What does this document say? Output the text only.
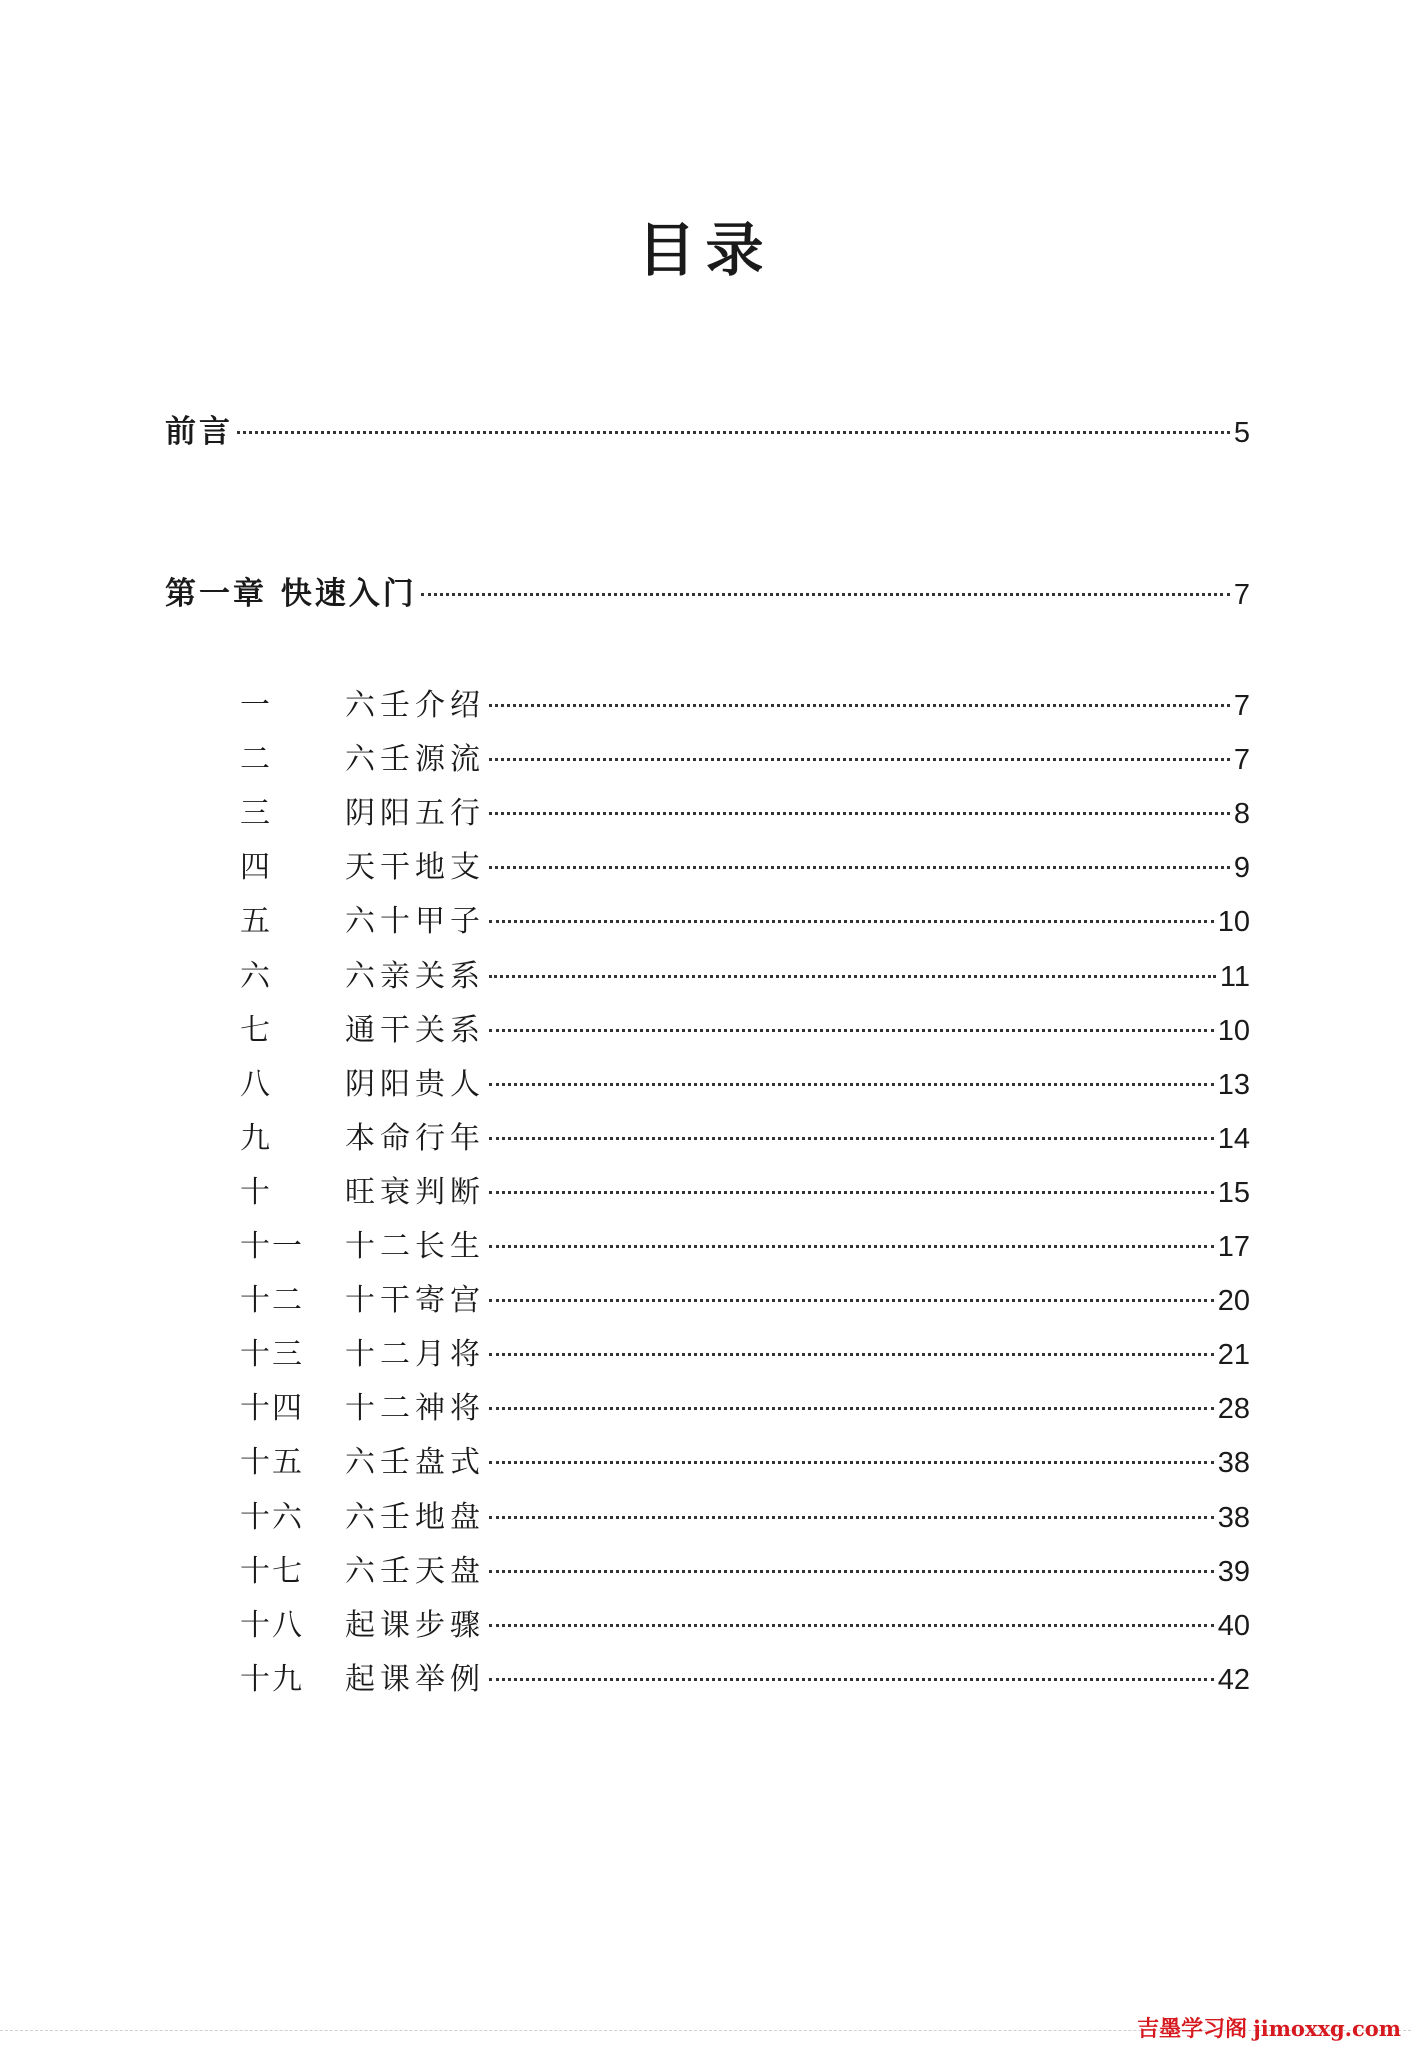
目录
前言	5
第一章 快速入门	7
一	六壬介绍	7
二	六壬源流	7
三	阴阳五行	8
四	天干地支	9
五	六十甲子	10
六	六亲关系	11
七	通干关系	10
八	阴阳贵人	13
九	本命行年	14
十	旺衰判断	15
十一	十二长生	17
十二	十干寄宫	20
十三	十二月将	21
十四	十二神将	28
十五	六壬盘式	38
十六	六壬地盘	38
十七	六壬天盘	39
十八	起课步骤	40
十九	起课举例	42
吉墨学习阁 jimoxxg.com
